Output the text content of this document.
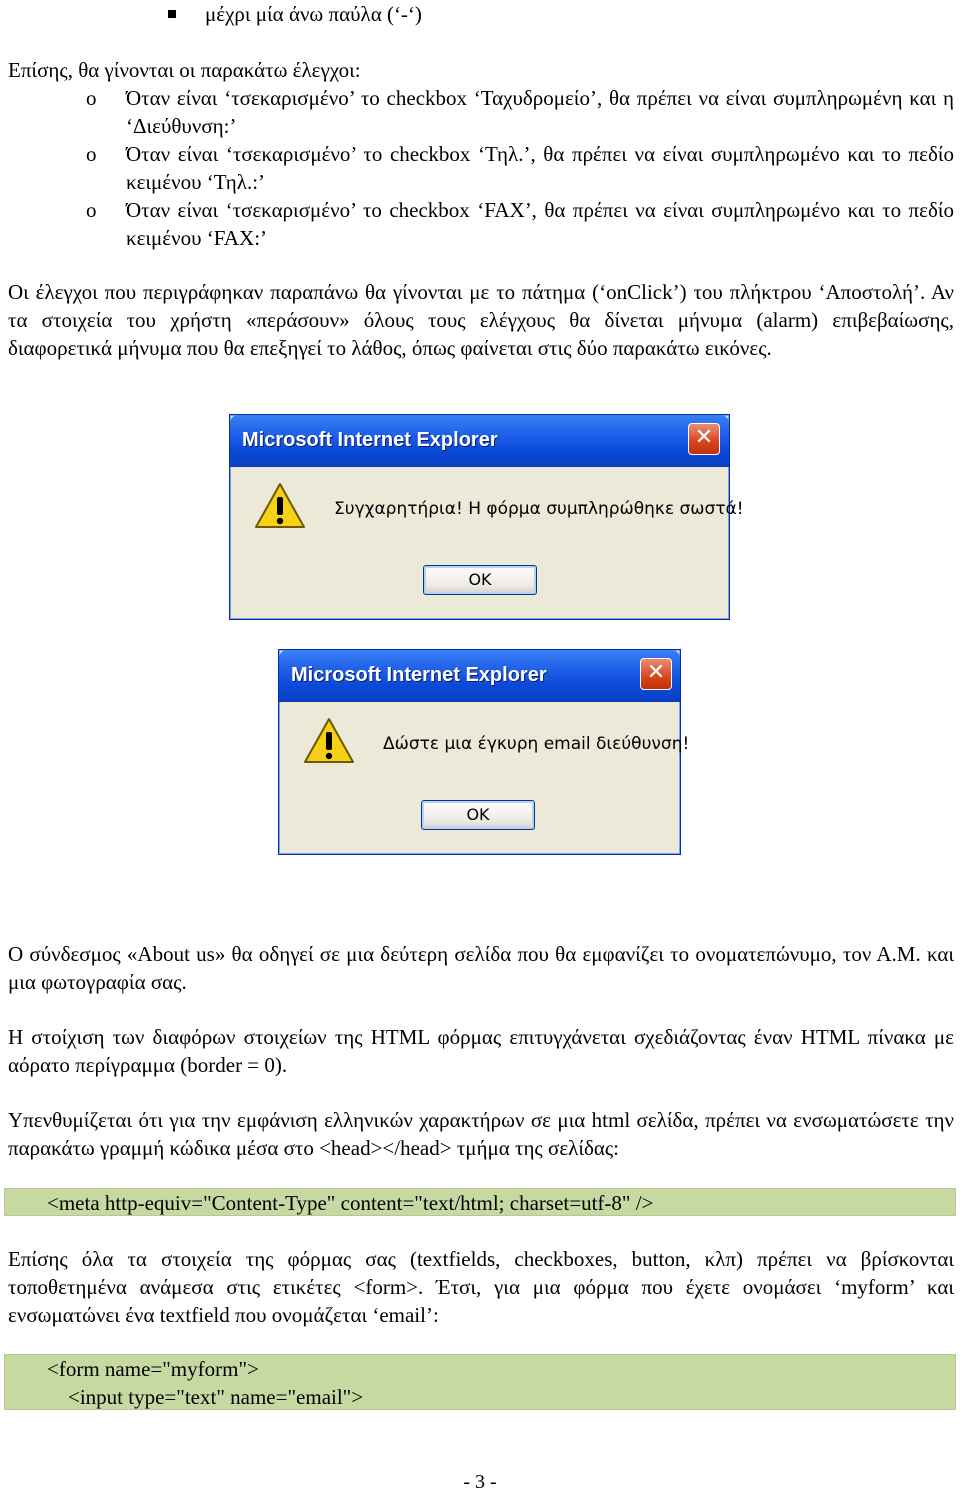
μέχρι μία άνω παύλα (‘-‘)
Επίσης, θα γίνονται οι παρακάτω έλεγχοι:
o Όταν είναι ‘τσεκαρισμένο’ το checkbox ‘Ταχυδρομείο’, θα πρέπει να είναι συμπληρωμένη και η ‘Διεύθυνση:’
o Όταν είναι ‘τσεκαρισμένο’ το checkbox ‘Τηλ.’, θα πρέπει να είναι συμπληρωμένο και το πεδίο κειμένου ‘Τηλ.:’
o Όταν είναι ‘τσεκαρισμένο’ το checkbox ‘FAX’, θα πρέπει να είναι συμπληρωμένο και το πεδίο κειμένου ‘FAX:’
Οι έλεγχοι που περιγράφηκαν παραπάνω θα γίνονται με το πάτημα (‘onClick’) του πλήκτρου ‘Αποστολή’. Αν τα στοιχεία του χρήστη «περάσουν» όλους τους ελέγχους θα δίνεται μήνυμα (alarm) επιβεβαίωσης, διαφορετικά μήνυμα που θα επεξηγεί το λάθος, όπως φαίνεται στις δύο παρακάτω εικόνες.
Microsoft Internet Explorer	✕
Συγχαρητήρια! Η φόρμα συμπληρώθηκε σωστά!
OK
Microsoft Internet Explorer	✕
Δώστε μια έγκυρη email διεύθυνση!
OK
Ο σύνδεσμος «About us» θα οδηγεί σε μια δεύτερη σελίδα που θα εμφανίζει το ονοματεπώνυμο, τον Α.Μ. και μια φωτογραφία σας.
Η στοίχιση των διαφόρων στοιχείων της HTML φόρμας επιτυγχάνεται σχεδιάζοντας έναν HTML πίνακα με αόρατο περίγραμμα (border = 0).
Υπενθυμίζεται ότι για την εμφάνιση ελληνικών χαρακτήρων σε μια html σελίδα, πρέπει να ενσωματώσετε την παρακάτω γραμμή κώδικα μέσα στο <head></head> τμήμα της σελίδας:
<meta http-equiv="Content-Type" content="text/html; charset=utf-8" />
Επίσης όλα τα στοιχεία της φόρμας σας (textfields, checkboxes, button, κλπ) πρέπει να βρίσκονται τοποθετημένα ανάμεσα στις ετικέτες <form>. Έτσι, για μια φόρμα που έχετε ονομάσει ‘myform’ και ενσωματώνει ένα textfield που ονομάζεται ‘email’:
<form name="myform">
<input type="text" name="email">
- 3 -
